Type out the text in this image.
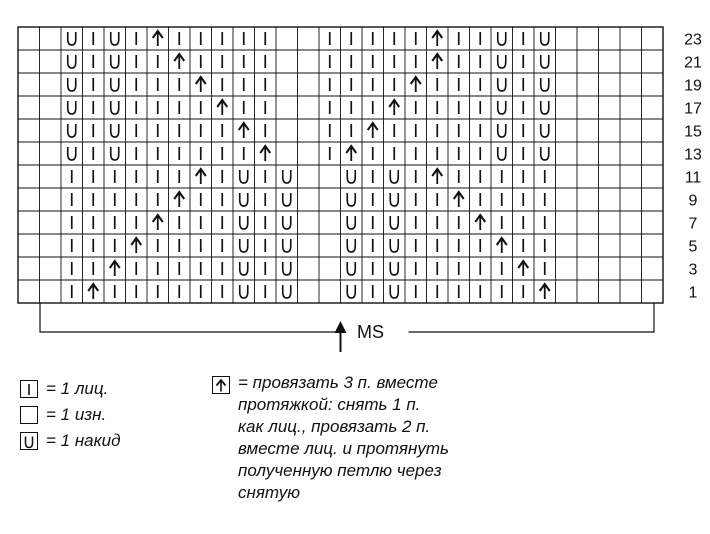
23
21
19
17
15
13
11
9
7
5
3
1
MS
= 1 лиц.
= 1 изн.
= 1 накид
= провязать 3 п. вместе
протяжкой: снять 1 п.
как лиц., провязать 2 п.
вместе лиц. и протянуть
полученную петлю через
снятую
